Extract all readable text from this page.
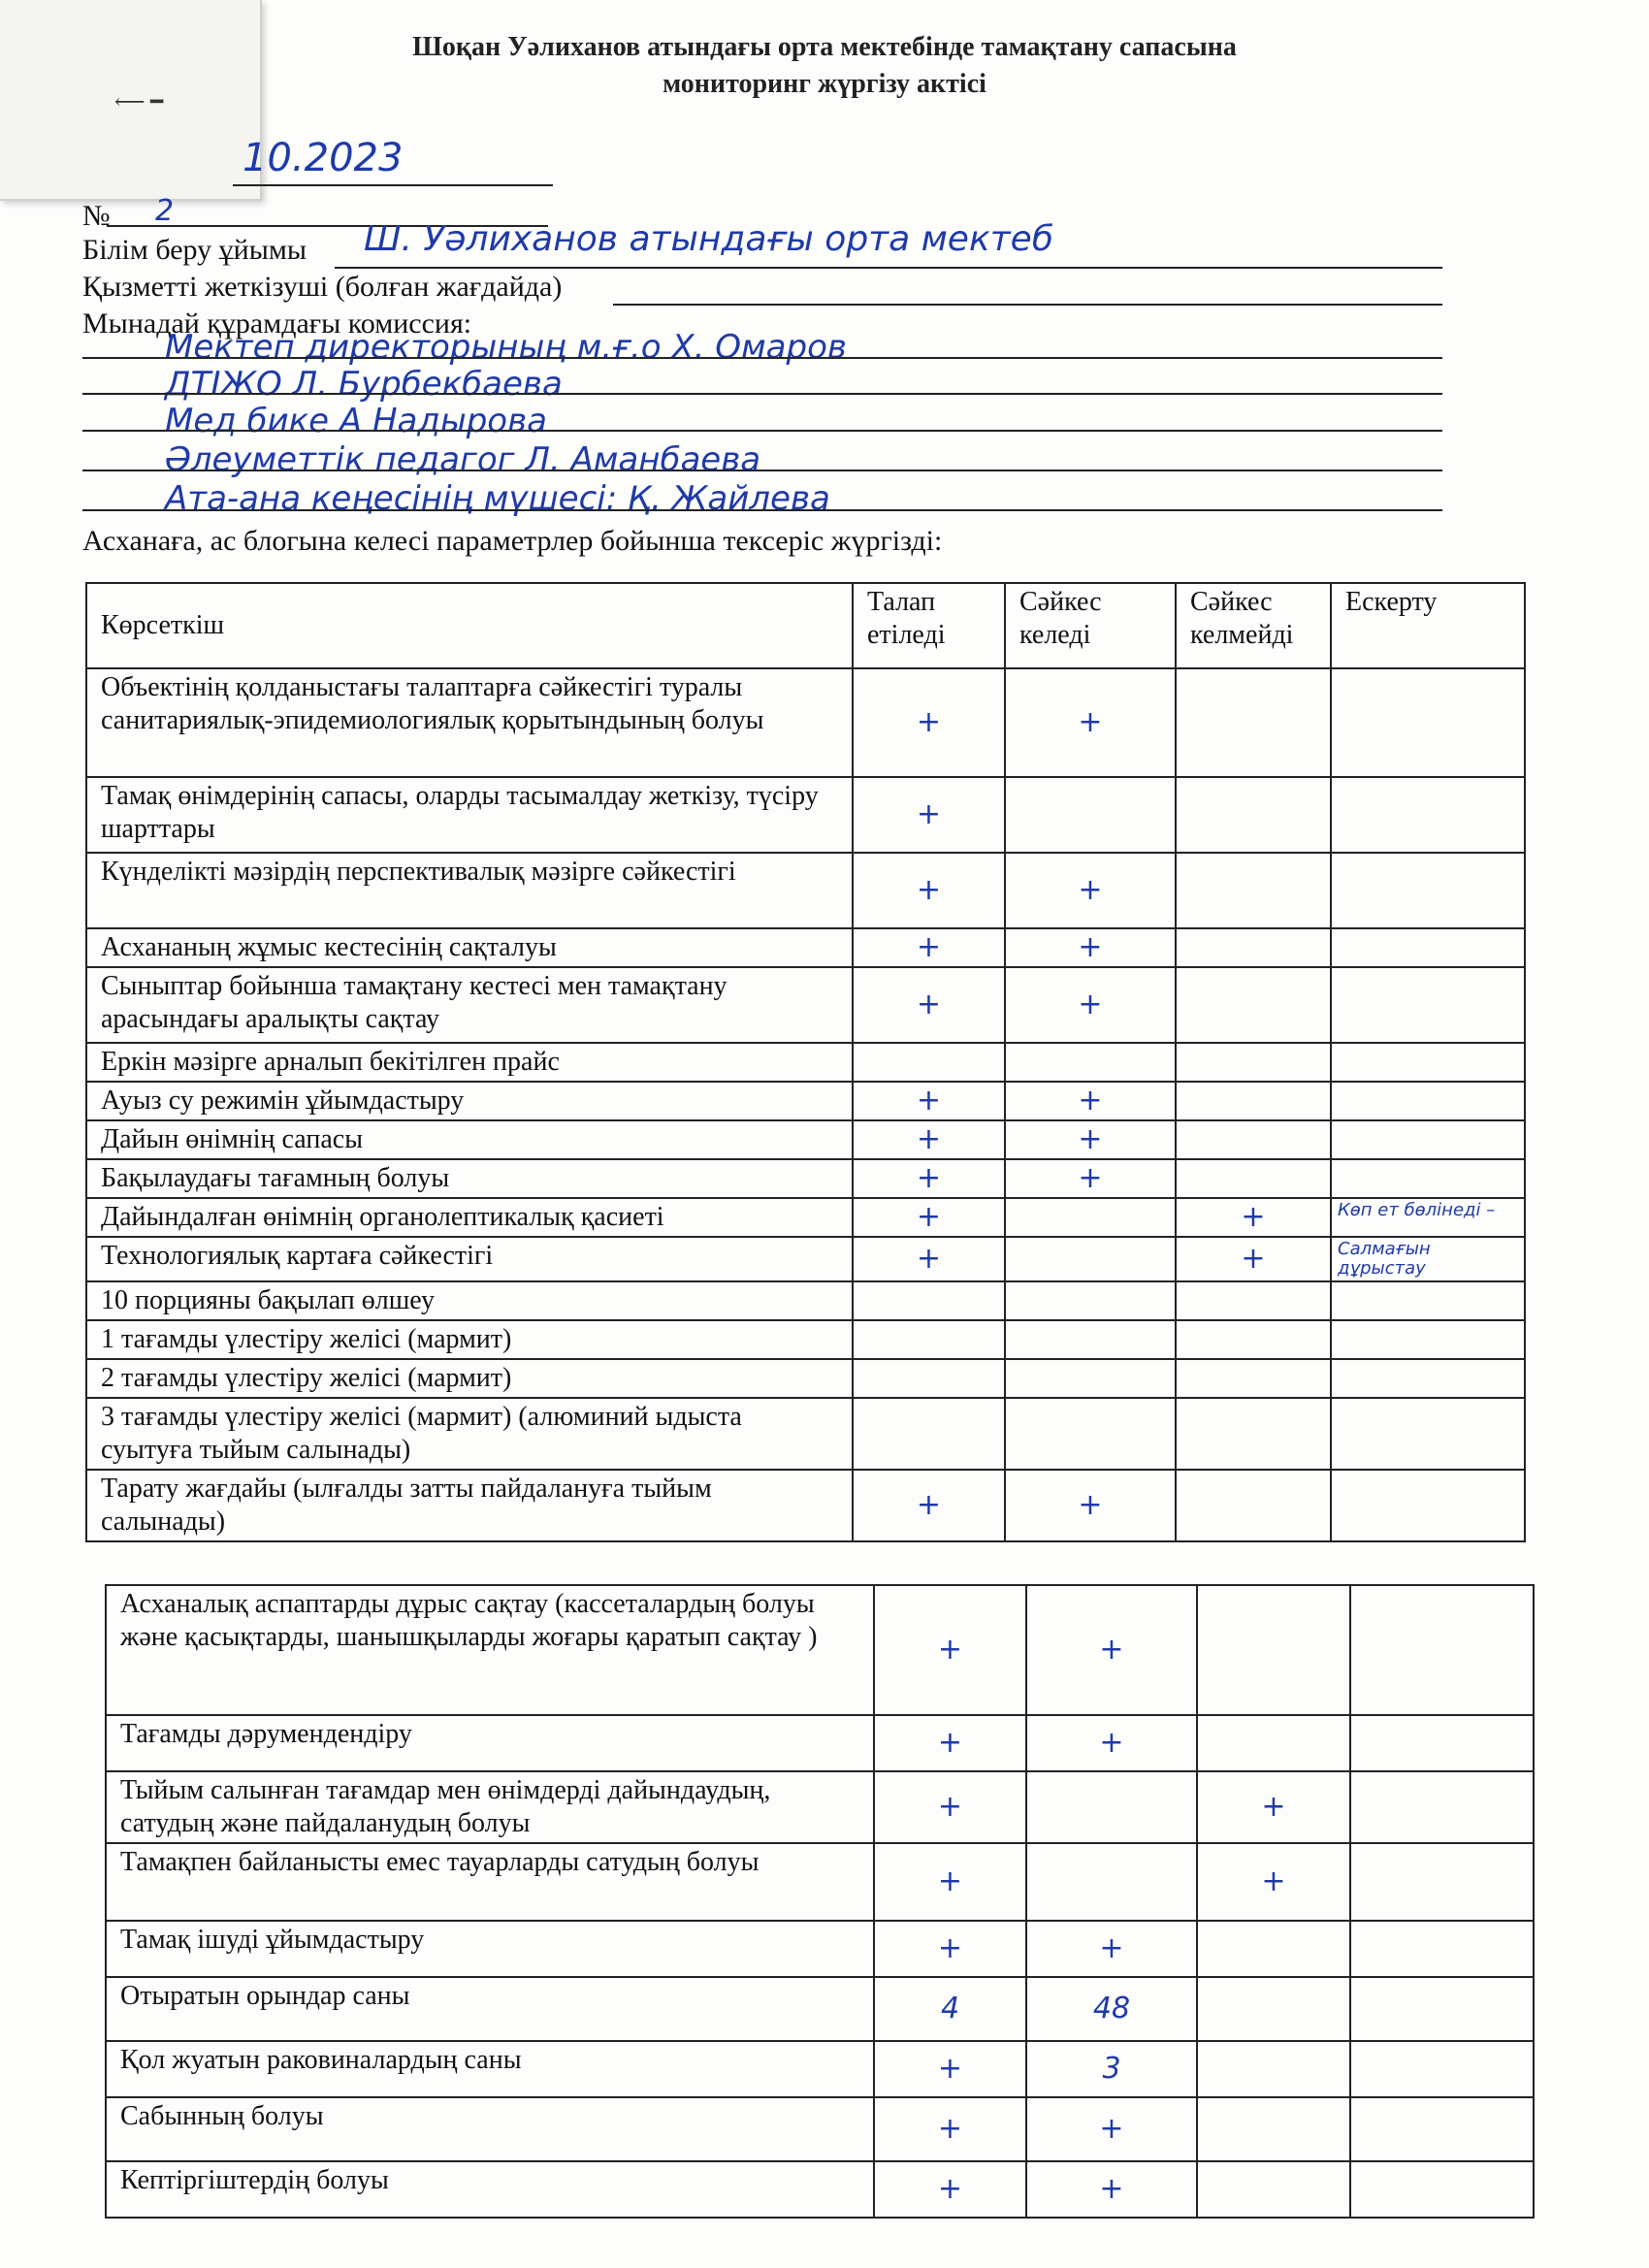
⟵ ━
Шоқан Уәлиханов атындағы орта мектебінде тамақтану сапасына
мониторинг жүргізу актісі
10.2023
№ 2
Білім беру ұйымы Ш. Уәлиханов атындағы орта мектеб
Қызметті жеткізуші (болған жағдайда)
Мынадай құрамдағы комиссия:
Мектеп директорының м.ғ.о Х. Омаров
ДТІЖО Л. Бурбекбаева
Мед бике А Надырова
Әлеуметтік педагог Л. Аманбаева
Ата-ана кеңесінің мүшесі: Қ. Жайлева
Асханаға, ас блогына келесі параметрлер бойынша тексеріс жүргізді:
Көрсеткіш	Талап етіледі	Сәйкес келеді	Сәйкес келмейді	Ескерту
Объектінің қолданыстағы талаптарға сәйкестігі туралы санитариялық-эпидемиологиялық қорытындының болуы	+	+		
Тамақ өнімдерінің сапасы, оларды тасымалдау жеткізу, түсіру шарттары	+			
Күнделікті мәзірдің перспективалық мәзірге сәйкестігі	+	+		
Асхананың жұмыс кестесінің сақталуы	+	+		
Сыныптар бойынша тамақтану кестесі мен тамақтану арасындағы аралықты сақтау	+	+		
Еркін мәзірге арналып бекітілген прайс				
Ауыз су режимін ұйымдастыру	+	+		
Дайын өнімнің сапасы	+	+		
Бақылаудағы тағамның болуы	+	+		
Дайындалған өнімнің органолептикалық қасиеті	+		+	Көп ет бөлінеді –
Технологиялық картаға сәйкестігі	+		+	Салмағын дұрыстау
10 порцияны бақылап өлшеу				
1 тағамды үлестіру желісі (мармит)				
2 тағамды үлестіру желісі (мармит)				
3 тағамды үлестіру желісі (мармит) (алюминий ыдыста суытуға тыйым салынады)				
Тарату жағдайы (ылғалды затты пайдалануға тыйым салынады)	+	+		
Асханалық аспаптарды дұрыс сақтау (кассеталардың болуы және қасықтарды, шанышқыларды жоғары қаратып сақтау )	+	+		
Тағамды дәрумендендіру	+	+		
Тыйым салынған тағамдар мен өнімдерді дайындаудың, сатудың және пайдаланудың болуы	+		+	
Тамақпен байланысты емес тауарларды сатудың болуы	+		+	
Тамақ ішуді ұйымдастыру	+	+		
Отыратын орындар саны	4	48		
Қол жуатын раковиналардың саны	+	3		
Сабынның болуы	+	+		
Кептіргіштердің болуы	+	+		
